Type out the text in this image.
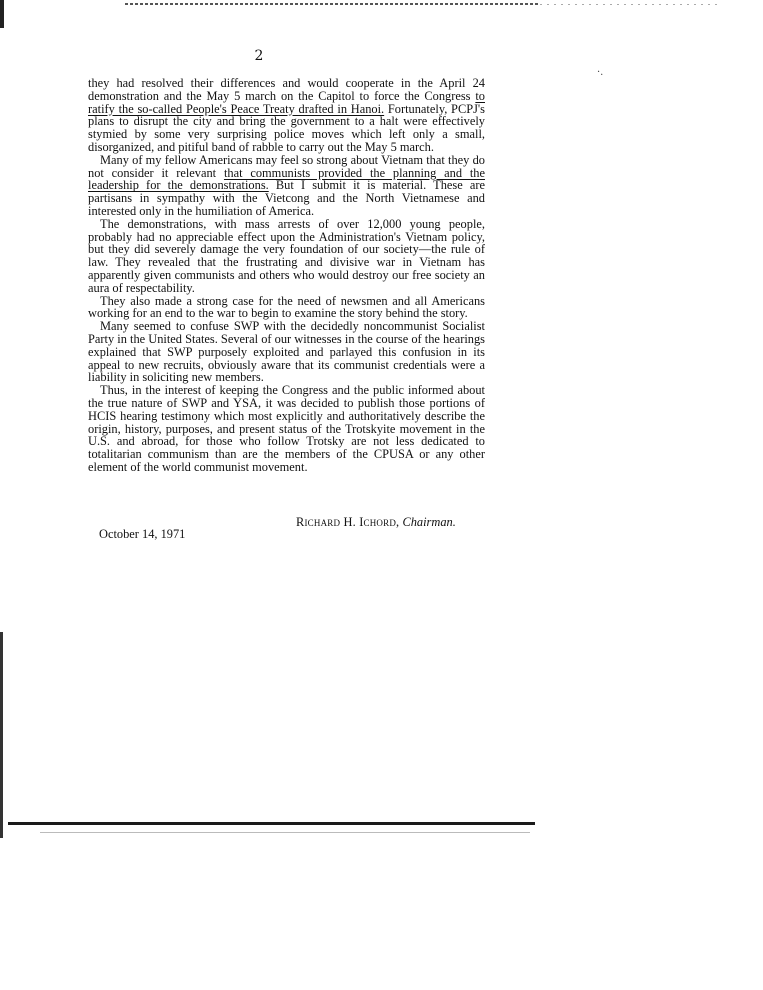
2
·.

they had resolved their differences and would cooperate in the April 24 demonstration and the May 5 march on the Capitol to force the Congress to ratify the so-called People's Peace Treaty drafted in Hanoi. Fortunately, PCPJ's plans to disrupt the city and bring the government to a halt were effectively stymied by some very surprising police moves which left only a small, disorganized, and pitiful band of rabble to carry out the May 5 march.

Many of my fellow Americans may feel so strong about Vietnam that they do not consider it relevant that communists provided the planning and the leadership for the demonstrations. But I submit it is material. These are partisans in sympathy with the Vietcong and the North Vietnamese and interested only in the humiliation of America.

The demonstrations, with mass arrests of over 12,000 young people, probably had no appreciable effect upon the Administration's Vietnam policy, but they did severely damage the very foundation of our society—the rule of law. They revealed that the frustrating and divisive war in Vietnam has apparently given communists and others who would destroy our free society an aura of respectability.

They also made a strong case for the need of newsmen and all Americans working for an end to the war to begin to examine the story behind the story.

Many seemed to confuse SWP with the decidedly noncommunist Socialist Party in the United States. Several of our witnesses in the course of the hearings explained that SWP purposely exploited and parlayed this confusion in its appeal to new recruits, obviously aware that its communist credentials were a liability in soliciting new members.

Thus, in the interest of keeping the Congress and the public informed about the true nature of SWP and YSA, it was decided to publish those portions of HCIS hearing testimony which most explicitly and authoritatively describe the origin, history, purposes, and present status of the Trotskyite movement in the U.S. and abroad, for those who follow Trotsky are not less dedicated to totalitarian communism than are the members of the CPUSA or any other element of the world communist movement.

Richard H. Ichord, Chairman.
October 14, 1971
